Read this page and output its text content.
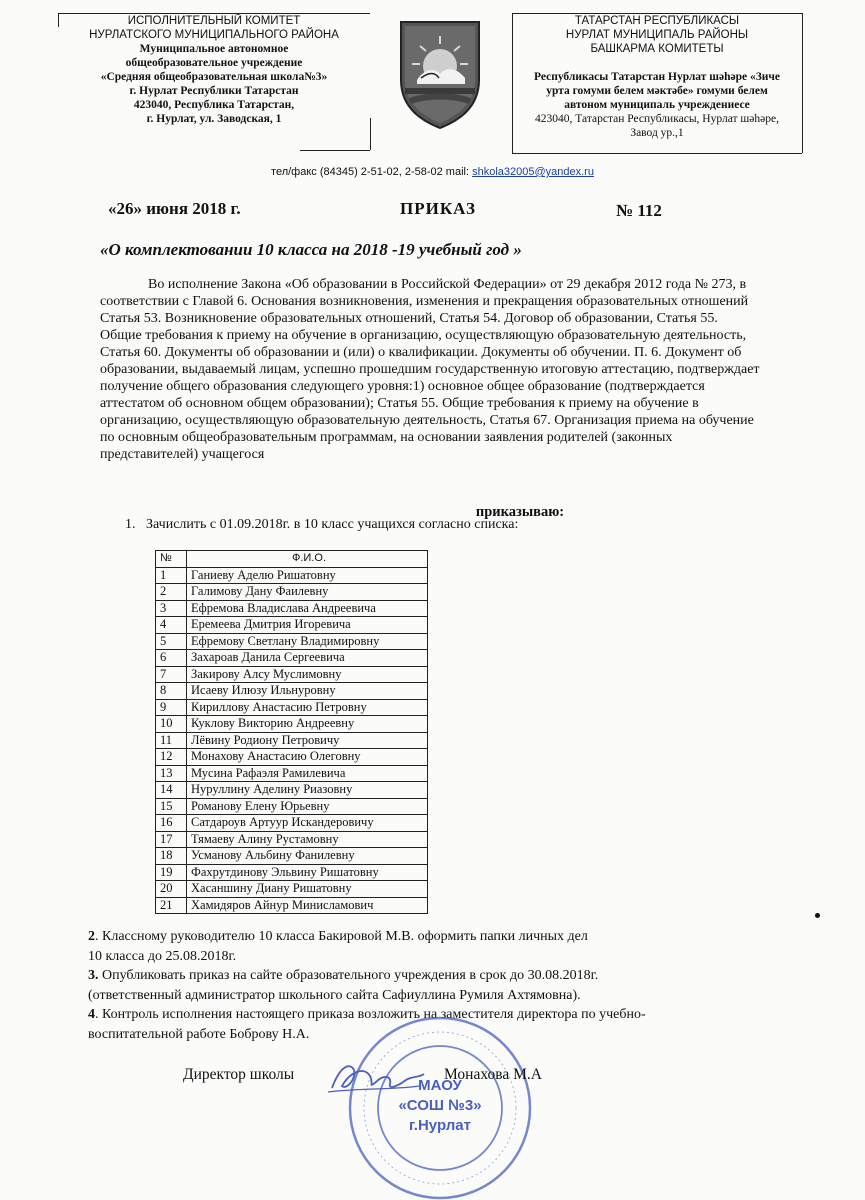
ИСПОЛНИТЕЛЬНЫЙ КОМИТЕТ
НУРЛАТСКОГО МУНИЦИПАЛЬНОГО РАЙОНА
Муниципальное автономное
общеобразовательное учреждение
«Средняя общеобразовательная школа№3»
г. Нурлат Республики Татарстан
423040, Республика Татарстан,
г. Нурлат, ул. Заводская, 1
ТАТАРСТАН РЕСПУБЛИКАСЫ
НУРЛАТ МУНИЦИПАЛЬ РАЙОНЫ
БАШКАРМА КОМИТЕТЫ
Республикасы Татарстан Нурлат шәһәре «Зиче
урта гомуми белем мәктәбе» гомуми белем
автоном муниципаль учреждениесе
423040, Татарстан Республикасы, Нурлат шәһәре,
Завод ур.,1
тел/факс (84345) 2-51-02, 2-58-02 mail: shkola32005@yandex.ru
«26» июня 2018 г.	ПРИКАЗ	№ 112
«О комплектовании 10 класса на 2018 -19 учебный год »
Во исполнение Закона «Об образовании в Российской Федерации» от 29 декабря 2012 года № 273, в соответствии с Главой 6. Основания возникновения, изменения и прекращения образовательных отношений Статья 53. Возникновение образовательных отношений, Статья 54. Договор об образовании, Статья 55. Общие требования к приему на обучение в организацию, осуществляющую образовательную деятельность, Статья 60. Документы об образовании и (или) о квалификации. Документы об обучении. П. 6. Документ об образовании, выдаваемый лицам, успешно прошедшим государственную итоговую аттестацию, подтверждает получение общего образования следующего уровня:1) основное общее образование (подтверждается аттестатом об основном общем образовании); Статья 55. Общие требования к приему на обучение в организацию, осуществляющую образовательную деятельность, Статья 67. Организация приема на обучение по основным общеобразовательным программам, на основании заявления родителей (законных представителей) учащегося
приказываю:
1. Зачислить с 01.09.2018г. в 10 класс учащихся согласно списка:
№	Ф.И.О.
1	Ганиеву Аделю Ришатовну
2	Галимову Дану Фаилевну
3	Ефремова Владислава Андреевича
4	Еремеева Дмитрия Игоревича
5	Ефремову Светлану Владимировну
6	Захароав Данила Сергеевича
7	Закирову Алсу Муслимовну
8	Исаеву Илюзу Ильнуровну
9	Кириллову Анастасию Петровну
10	Куклову Викторию Андреевну
11	Лёвину Родиону Петровичу
12	Монахову Анастасию Олеговну
13	Мусина Рафаэля Рамилевича
14	Нуруллину Аделину Риазовну
15	Романову Елену Юрьевну
16	Сатдароув Артуур Искандеровичу
17	Тямаеву Алину Рустамовну
18	Усманову Альбину Фанилевну
19	Фахрутдинову Эльвину Ришатовну
20	Хасаншину Диану Ришатовну
21	Хамидяров Айнур Минисламович

2. Классному руководителю 10 класса Бакировой М.В. оформить папки личных дел

10 класса до 25.08.2018г.

3. Опубликовать приказ на сайте образовательного учреждения в срок до 30.08.2018г.

(ответственный администратор школьного сайта Сафиуллина Румиля Ахтямовна).

4. Контроль исполнения настоящего приказа возложить на заместителя директора по учебно-

воспитательной работе Боброву Н.А.

МАОУ
«СОШ №3»
г.Нурлат
Директор школы	Монахова М.А
